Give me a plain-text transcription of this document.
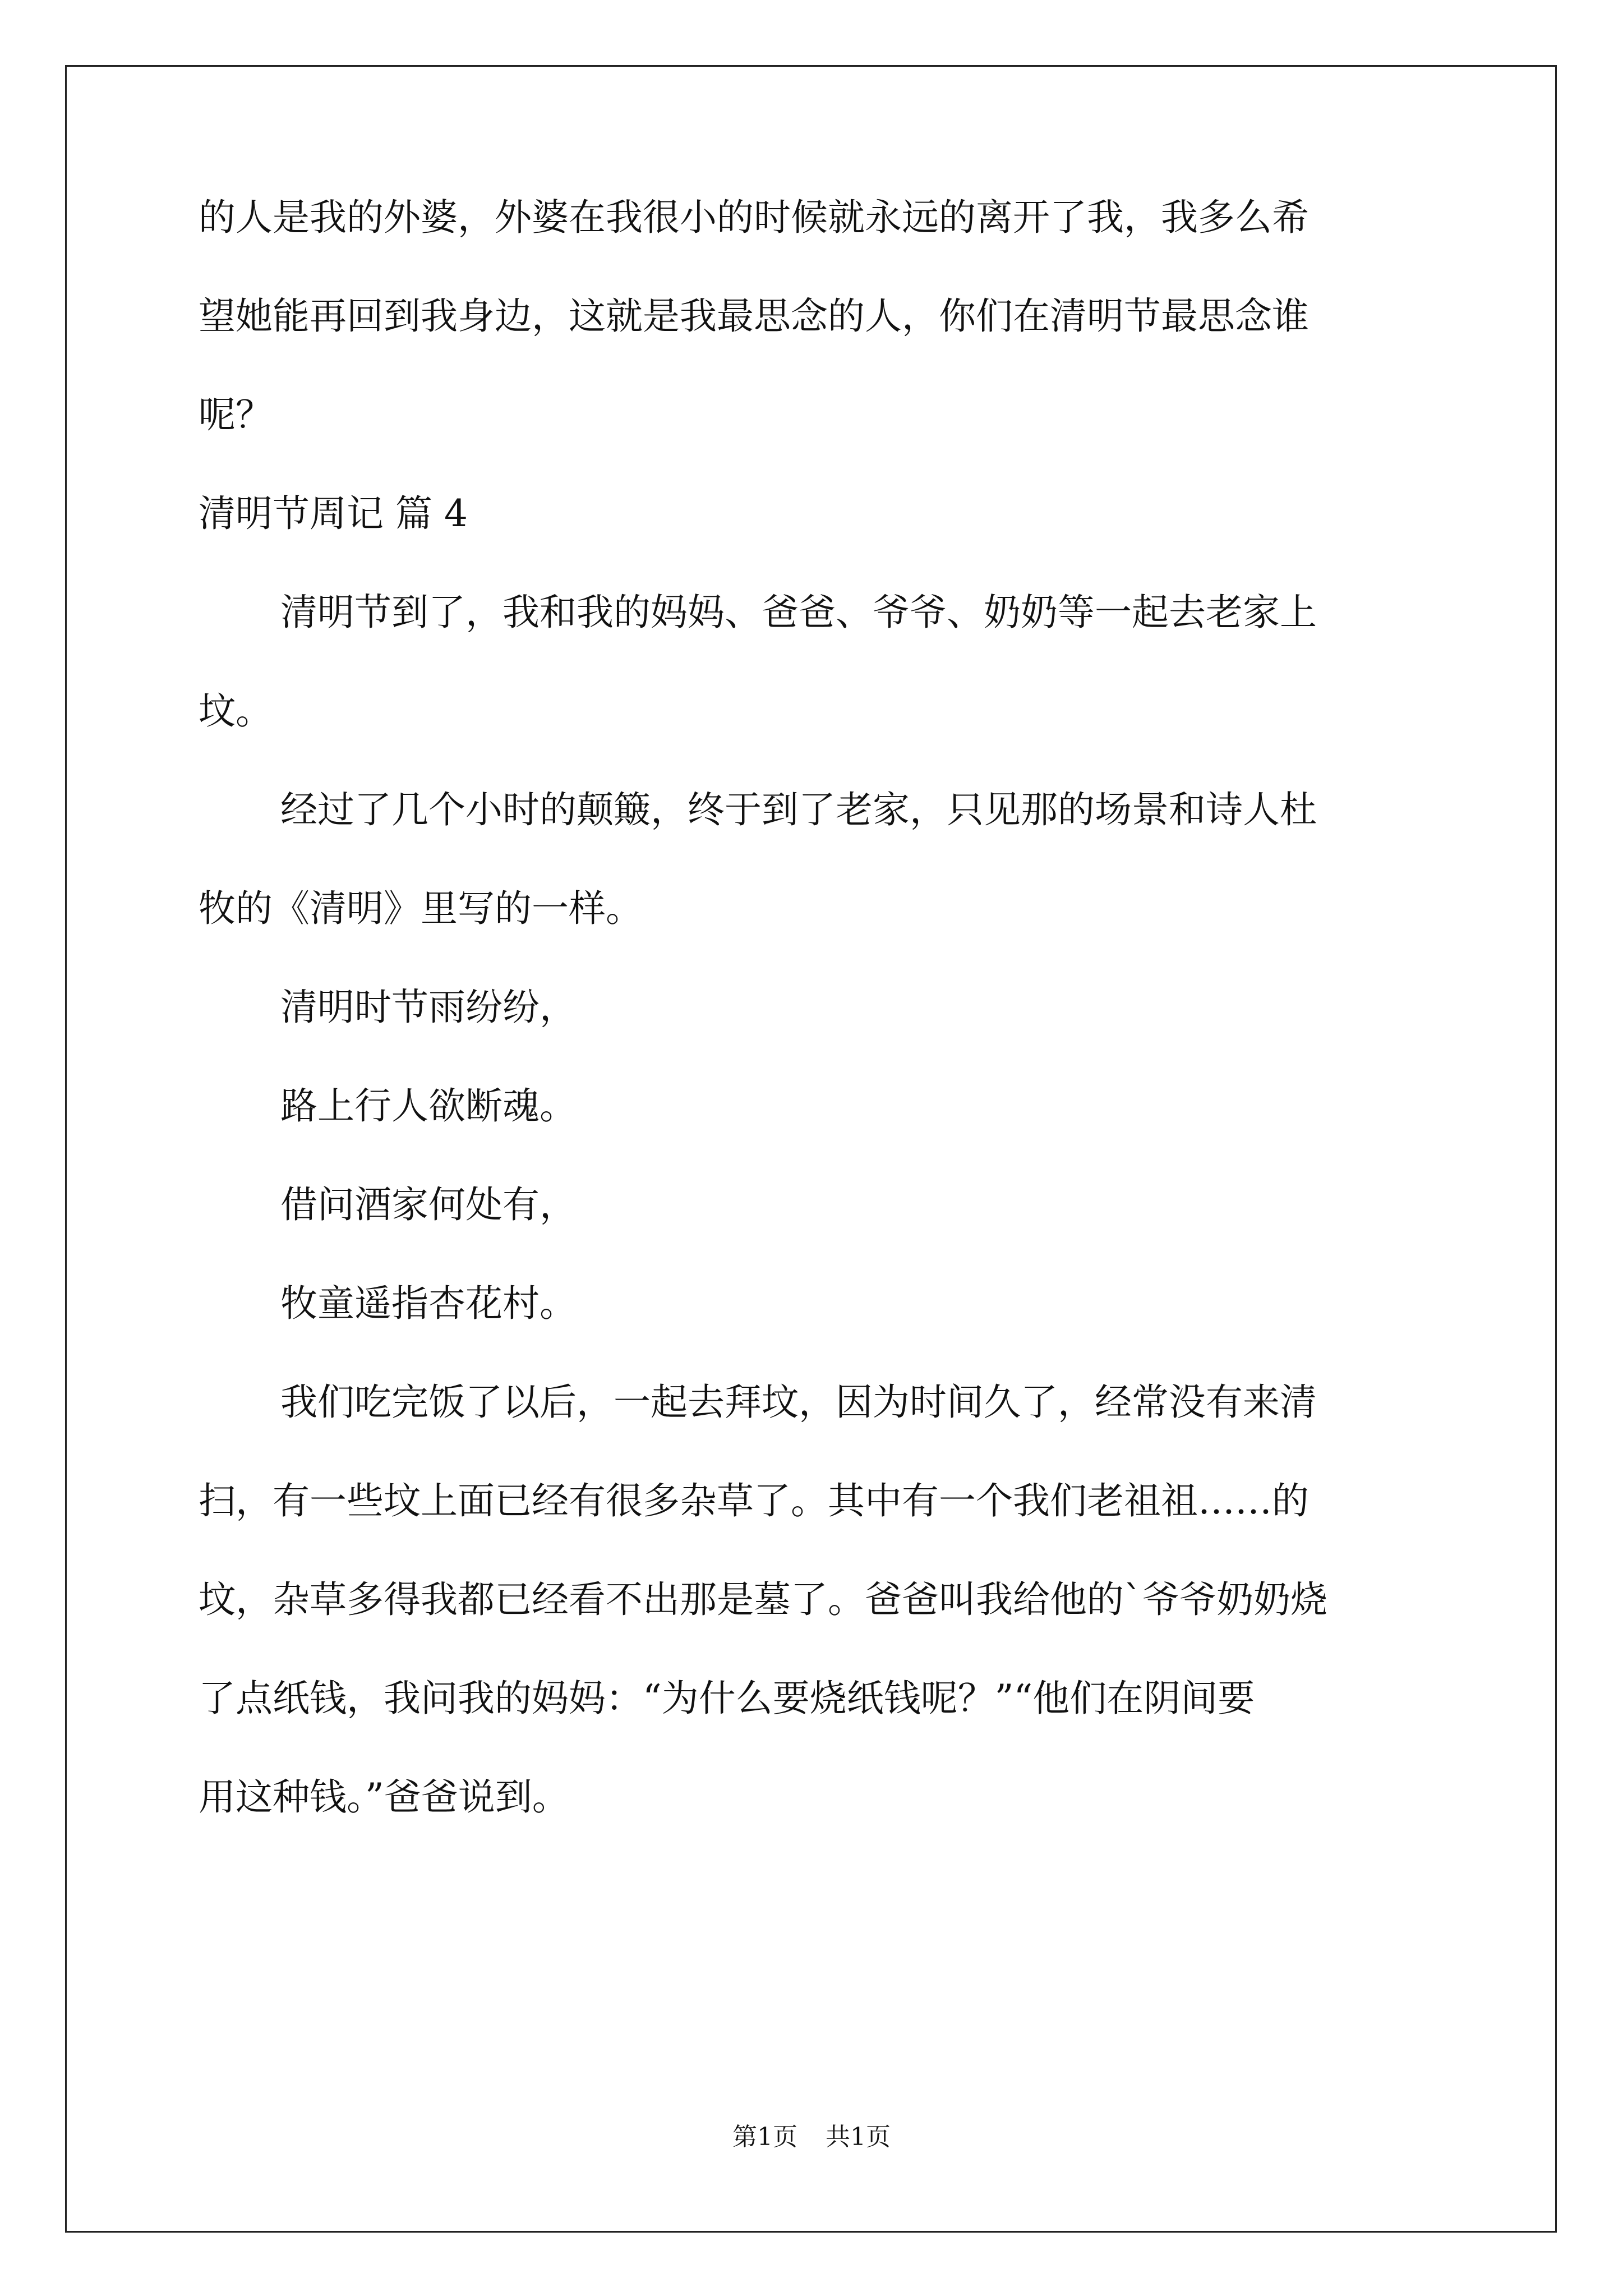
的人是我的外婆，外婆在我很小的时候就永远的离开了我，我多么希
望她能再回到我身边，这就是我最思念的人，你们在清明节最思念谁
呢？
清明节周记 篇 4
清明节到了，我和我的妈妈、爸爸、爷爷、奶奶等一起去老家上
坟。
经过了几个小时的颠簸，终于到了老家，只见那的场景和诗人杜
牧的《清明》里写的一样。
清明时节雨纷纷，
路上行人欲断魂。
借问酒家何处有，
牧童遥指杏花村。
我们吃完饭了以后，一起去拜坟，因为时间久了，经常没有来清
扫，有一些坟上面已经有很多杂草了。其中有一个我们老祖祖……的
坟，杂草多得我都已经看不出那是墓了。爸爸叫我给他的`爷爷奶奶烧
了点纸钱，我问我的妈妈：“为什么要烧纸钱呢？”“他们在阴间要
用这种钱。”爸爸说到。
第1页 共1页
